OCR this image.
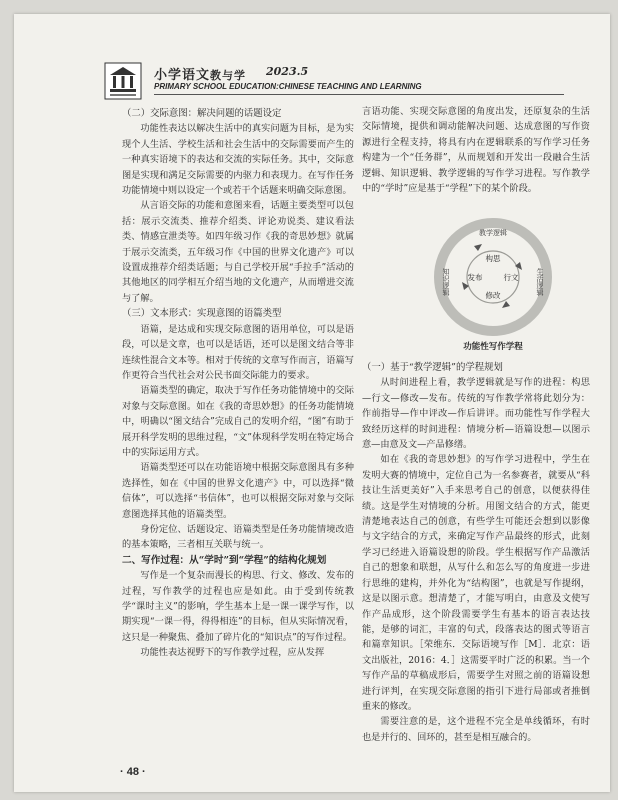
小学语文教与学 2023.5
PRIMARY SCHOOL EDUCATION:CHINESE TEACHING AND LEARNING

（二）交际意图：解决问题的话题设定

功能性表达以解决生活中的真实问题为目标，是为实现个人生活、学校生活和社会生活中的交际需要而产生的一种真实语境下的表达和交流的实际任务。其中，交际意图是实现和满足交际需要的内驱力和表现力。在写作任务功能情境中则以设定一个或若干个话题来明确交际意图。

从言语交际的功能和意图来看，话题主要类型可以包括：展示交流类、推荐介绍类、评论劝说类、建议看法类、情感宣泄类等。如四年级习作《我的奇思妙想》就属于展示交流类，五年级习作《中国的世界文化遗产》可以设置成推荐介绍类话题；与自己学校开展“手拉手”活动的其他地区的同学相互介绍当地的文化遗产，从而增进交流与了解。

（三）文本形式：实现意图的语篇类型

语篇，是达成和实现交际意图的语用单位，可以是语段，可以是文章，也可以是话语，还可以是图文结合等非连续性混合文本等。相对于传统的文章写作而言，语篇写作更符合当代社会对公民书面交际能力的要求。

语篇类型的确定，取决于写作任务功能情境中的交际对象与交际意图。如在《我的奇思妙想》的任务功能情境中，明确以“图文结合”完成自己的发明介绍，“图”有助于展开科学发明的思维过程，“文”体现科学发明在特定场合中的实际运用方式。

语篇类型还可以在功能语境中根据交际意图具有多种选择性，如在《中国的世界文化遗产》中，可以选择“微信体”，可以选择“书信体”，也可以根据交际对象与交际意图选择其他的语篇类型。

身份定位、话题设定、语篇类型是任务功能情境改造的基本策略，三者相互关联与统一。

二、写作过程：从“学时”到“学程”的结构化规划

写作是一个复杂而漫长的构思、行文、修改、发布的过程，写作教学的过程也应是如此。由于受到传统教学“课时主义”的影响，学生基本上是一课一课学写作，以期实现“一课一得，得得相连”的目标，但从实际情况看，这只是一种聚焦、叠加了碎片化的“知识点”的写作过程。

功能性表达视野下的写作教学过程，应从发挥

言语功能、实现交际意图的角度出发，还原复杂的生活交际情境，提供和调动能解决问题、达成意图的写作资源进行全程支持，将具有内在逻辑联系的写作学习任务构建为一个“任务群”，从而规划和开发出一段融合生活逻辑、知识逻辑、教学逻辑的写作学习进程。写作教学中的“学时”应是基于“学程”下的某个阶段。

教学逻辑
知识逻辑	生活逻辑
构思
发布	行文
修改
功能性写作学程

（一）基于“教学逻辑”的学程规划

从时间进程上看，教学逻辑就是写作的进程：构思—行文—修改—发布。传统的写作教学常将此划分为：作前指导—作中评改—作后讲评。而功能性写作学程大致经历这样的时间进程：情境分析—语篇设想—以图示意—由意及文—产品修缮。

如在《我的奇思妙想》的写作学习进程中，学生在发明大赛的情境中，定位自己为一名参赛者，就要从“科技让生活更美好”入手来思考自己的创意，以便获得佳绩。这是学生对情境的分析。用图文结合的方式，能更清楚地表达自己的创意，有些学生可能还会想到以影像与文字结合的方式，来确定写作产品最终的形式，此刻学习已经进入语篇设想的阶段。学生根据写作产品激活自己的想象和联想，从写什么和怎么写的角度进一步进行思维的建构，并外化为“结构图”，也就是写作提纲，这是以图示意。想清楚了，才能写明白，由意及文使写作产品成形，这个阶段需要学生有基本的语言表达技能，是够的词汇，丰富的句式，段落表达的图式等语言和篇章知识。［荣维东．交际语境写作［M］．北京：语文出版社，2016：4．］这需要平时广泛的积累。当一个写作产品的草稿成形后，需要学生对照之前的语篇设想进行评判，在实现交际意图的指引下进行局部或者推倒重来的修改。

需要注意的是，这个进程不完全是单线循环，有时也是并行的、回环的，甚至是相互融合的。

· 48 ·
